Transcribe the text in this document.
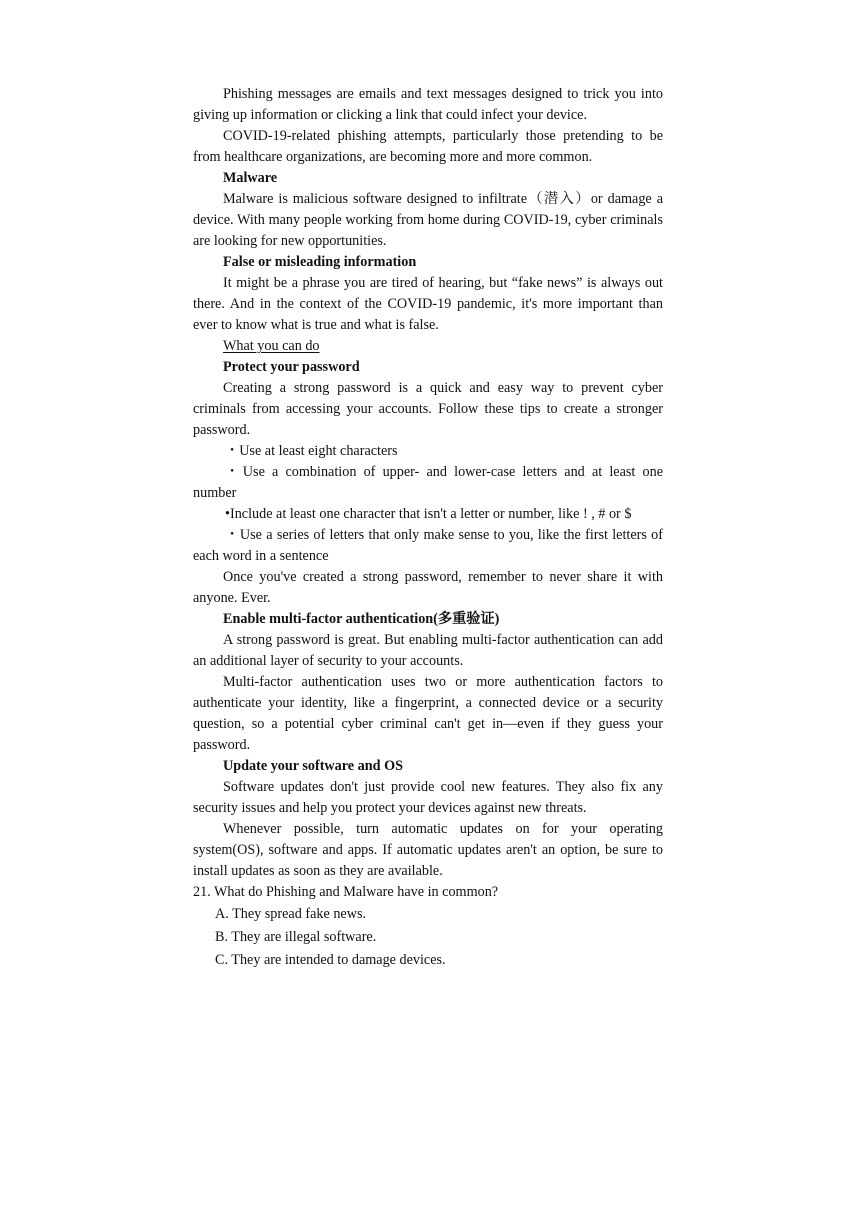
Phishing messages are emails and text messages designed to trick you into giving up information or clicking a link that could infect your device.

COVID-19-related phishing attempts, particularly those pretending to be from healthcare organizations, are becoming more and more common.

Malware

Malware is malicious software designed to infiltrate（潜入）or damage a device. With many people working from home during COVID-19, cyber criminals are looking for new opportunities.

False or misleading information

It might be a phrase you are tired of hearing, but “fake news” is always out there. And in the context of the COVID-19 pandemic, it's more important than ever to know what is true and what is false.

What you can do

Protect your password

Creating a strong password is a quick and easy way to prevent cyber criminals from accessing your accounts. Follow these tips to create a stronger password.

・Use at least eight characters

・Use a combination of upper- and lower-case letters and at least one number

•Include at least one character that isn't a letter or number, like ! , # or $

・Use a series of letters that only make sense to you, like the first letters of each word in a sentence

Once you've created a strong password, remember to never share it with anyone. Ever.

Enable multi-factor authentication(多重验证)

A strong password is great. But enabling multi-factor authentication can add an additional layer of security to your accounts.

Multi-factor authentication uses two or more authentication factors to authenticate your identity, like a fingerprint, a connected device or a security question, so a potential cyber criminal can't get in—even if they guess your password.

Update your software and OS

Software updates don't just provide cool new features. They also fix any security issues and help you protect your devices against new threats.

Whenever possible, turn automatic updates on for your operating system(OS), software and apps. If automatic updates aren't an option, be sure to install updates as soon as they are available.

21. What do Phishing and Malware have in common?

A. They spread fake news.

B. They are illegal software.

C. They are intended to damage devices.
